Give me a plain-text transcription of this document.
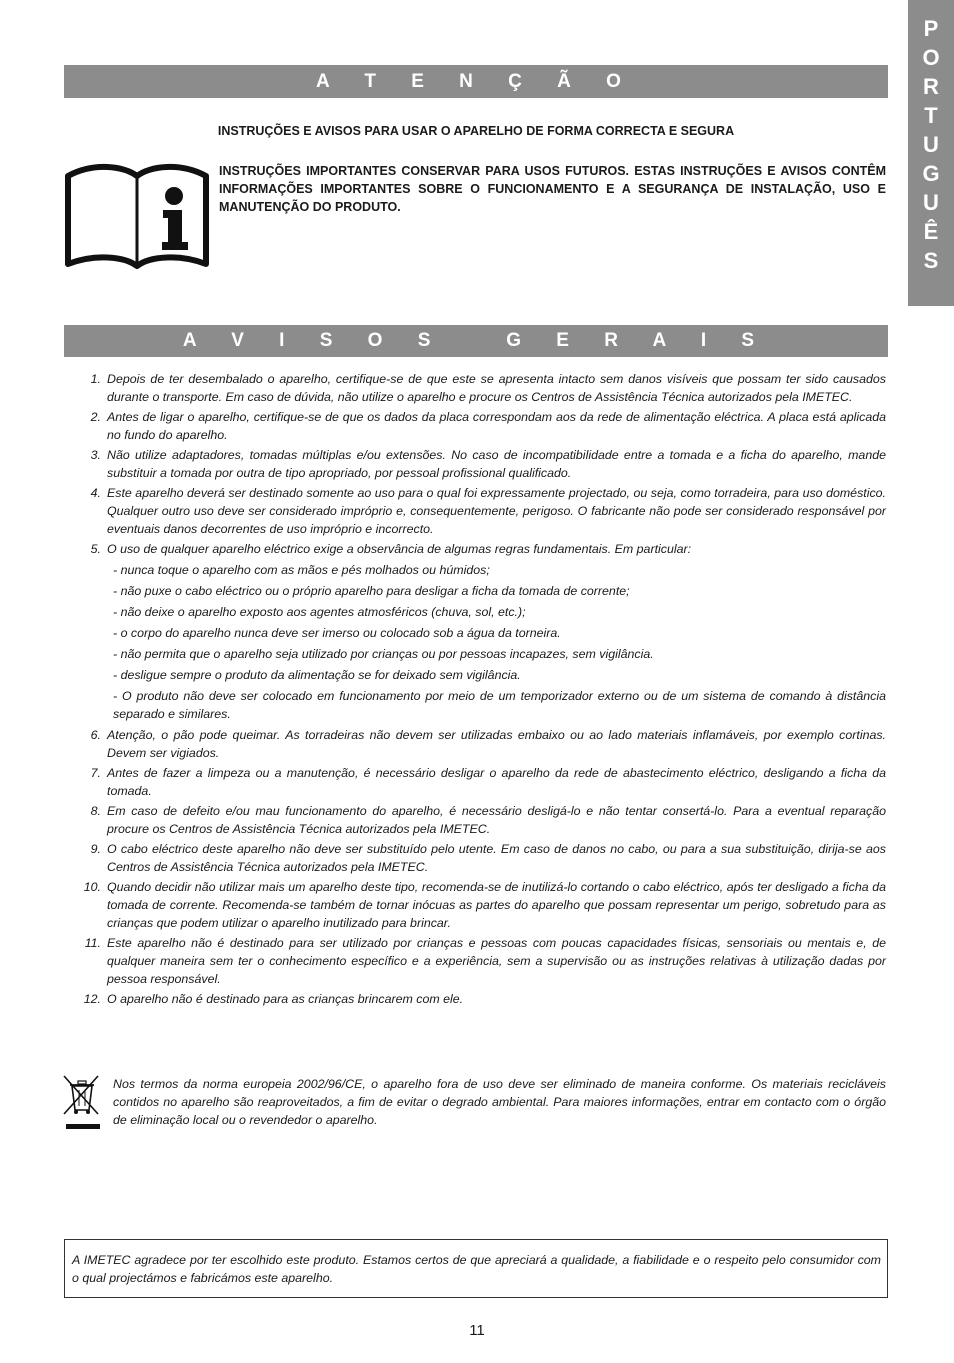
P
O
R
T
U
G
U
Ê
S
A T E N Ç Ã O
INSTRUÇÕES E AVISOS PARA USAR O APARELHO DE FORMA CORRECTA E SEGURA
INSTRUÇÕES IMPORTANTES CONSERVAR PARA USOS FUTUROS. ESTAS INSTRUÇÕES E AVISOS CONTÊM INFORMAÇÕES IMPORTANTES SOBRE O FUNCIONAMENTO E A SEGURANÇA DE INSTALAÇÃO, USO E MANUTENÇÃO DO PRODUTO.
A V I S O S   G E R A I S
1. Depois de ter desembalado o aparelho, certifique-se de que este se apresenta intacto sem danos visíveis que possam ter sido causados durante o transporte. Em caso de dúvida, não utilize o aparelho e procure os Centros de Assistência Técnica autorizados pela IMETEC.
2. Antes de ligar o aparelho, certifique-se de que os dados da placa correspondam aos da rede de alimentação eléctrica. A placa está aplicada no fundo do aparelho.
3. Não utilize adaptadores, tomadas múltiplas e/ou extensões. No caso de incompatibilidade entre a tomada e a ficha do aparelho, mande substituir a tomada por outra de tipo apropriado, por pessoal profissional qualificado.
4. Este aparelho deverá ser destinado somente ao uso para o qual foi expressamente projectado, ou seja, como torradeira, para uso doméstico. Qualquer outro uso deve ser considerado impróprio e, consequentemente, perigoso. O fabricante não pode ser considerado responsável por eventuais danos decorrentes de uso impróprio e incorrecto.
5. O uso de qualquer aparelho eléctrico exige a observância de algumas regras fundamentais. Em particular:
- nunca toque o aparelho com as mãos e pés molhados ou húmidos;
- não puxe o cabo eléctrico ou o próprio aparelho para desligar a ficha da tomada de corrente;
- não deixe o aparelho exposto aos agentes atmosféricos (chuva, sol, etc.);
- o corpo do aparelho nunca deve ser imerso ou colocado sob a água da torneira.
- não permita que o aparelho seja utilizado por crianças ou por pessoas incapazes, sem vigilância.
- desligue sempre o produto da alimentação se for deixado sem vigilância.
- O produto não deve ser colocado em funcionamento por meio de um temporizador externo ou de um sistema de comando à distância separado e similares.
6. Atenção, o pão pode queimar. As torradeiras não devem ser utilizadas embaixo ou ao lado materiais inflamáveis, por exemplo cortinas. Devem ser vigiados.
7. Antes de fazer a limpeza ou a manutenção, é necessário desligar o aparelho da rede de abastecimento eléctrico, desligando a ficha da tomada.
8. Em caso de defeito e/ou mau funcionamento do aparelho, é necessário desligá-lo e não tentar consertá-lo. Para a eventual reparação procure os Centros de Assistência Técnica autorizados pela IMETEC.
9. O cabo eléctrico deste aparelho não deve ser substituído pelo utente. Em caso de danos no cabo, ou para a sua substituição, dirija-se aos Centros de Assistência Técnica autorizados pela IMETEC.
10. Quando decidir não utilizar mais um aparelho deste tipo, recomenda-se de inutilizá-lo cortando o cabo eléctrico, após ter desligado a ficha da tomada de corrente. Recomenda-se também de tornar inócuas as partes do aparelho que possam representar um perigo, sobretudo para as crianças que podem utilizar o aparelho inutilizado para brincar.
11. Este aparelho não é destinado para ser utilizado por crianças e pessoas com poucas capacidades físicas, sensoriais ou mentais e, de qualquer maneira sem ter o conhecimento específico e a experiência, sem a supervisão ou as instruções relativas à utilização dadas por pessoa responsável.
12. O aparelho não é destinado para as crianças brincarem com ele.
Nos termos da norma europeia 2002/96/CE, o aparelho fora de uso deve ser eliminado de maneira conforme. Os materiais recicláveis contidos no aparelho são reaproveitados, a fim de evitar o degrado ambiental. Para maiores informações, entrar em contacto com o órgão de eliminação local ou o revendedor o aparelho.
A IMETEC agradece por ter escolhido este produto. Estamos certos de que apreciará a qualidade, a fiabilidade e o respeito pelo consumidor com o qual projectámos e fabricámos este aparelho.
11
